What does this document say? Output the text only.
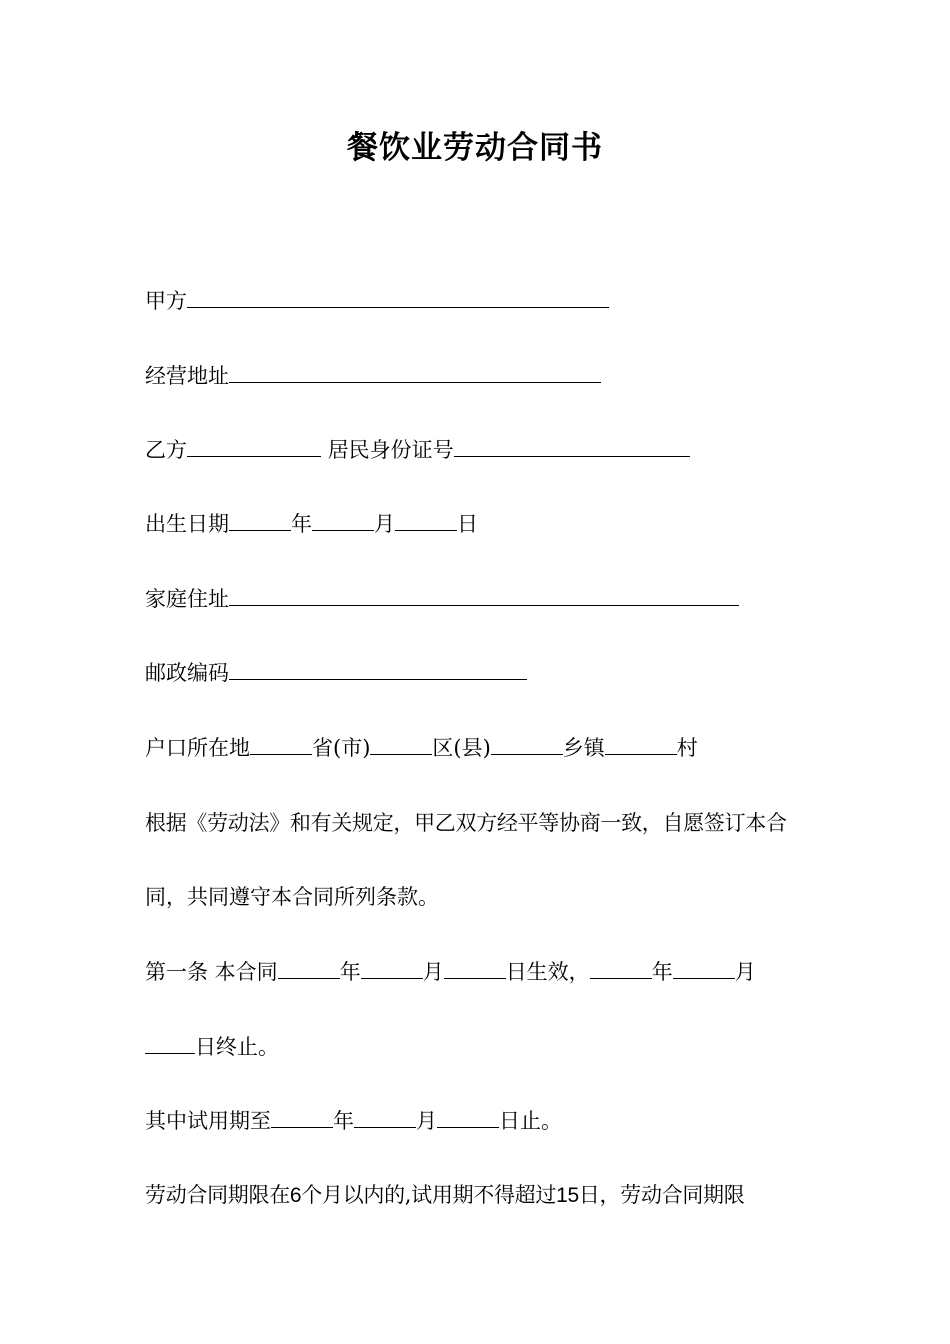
餐饮业劳动合同书
甲方
经营地址
乙方	居民身份证号
出生日期	年	月	日
家庭住址
邮政编码
户口所在地	省(市)	区(县)	乡镇	村
根据《劳动法》和有关规定，甲乙双方经平等协商一致，自愿签订本合
同，共同遵守本合同所列条款。
第一条 本合同	年	月	日生效，	年	月
日终止。
其中试用期至	年	月	日止。
劳动合同期限在6个月以内的,试用期不得超过15日，劳动合同期限
